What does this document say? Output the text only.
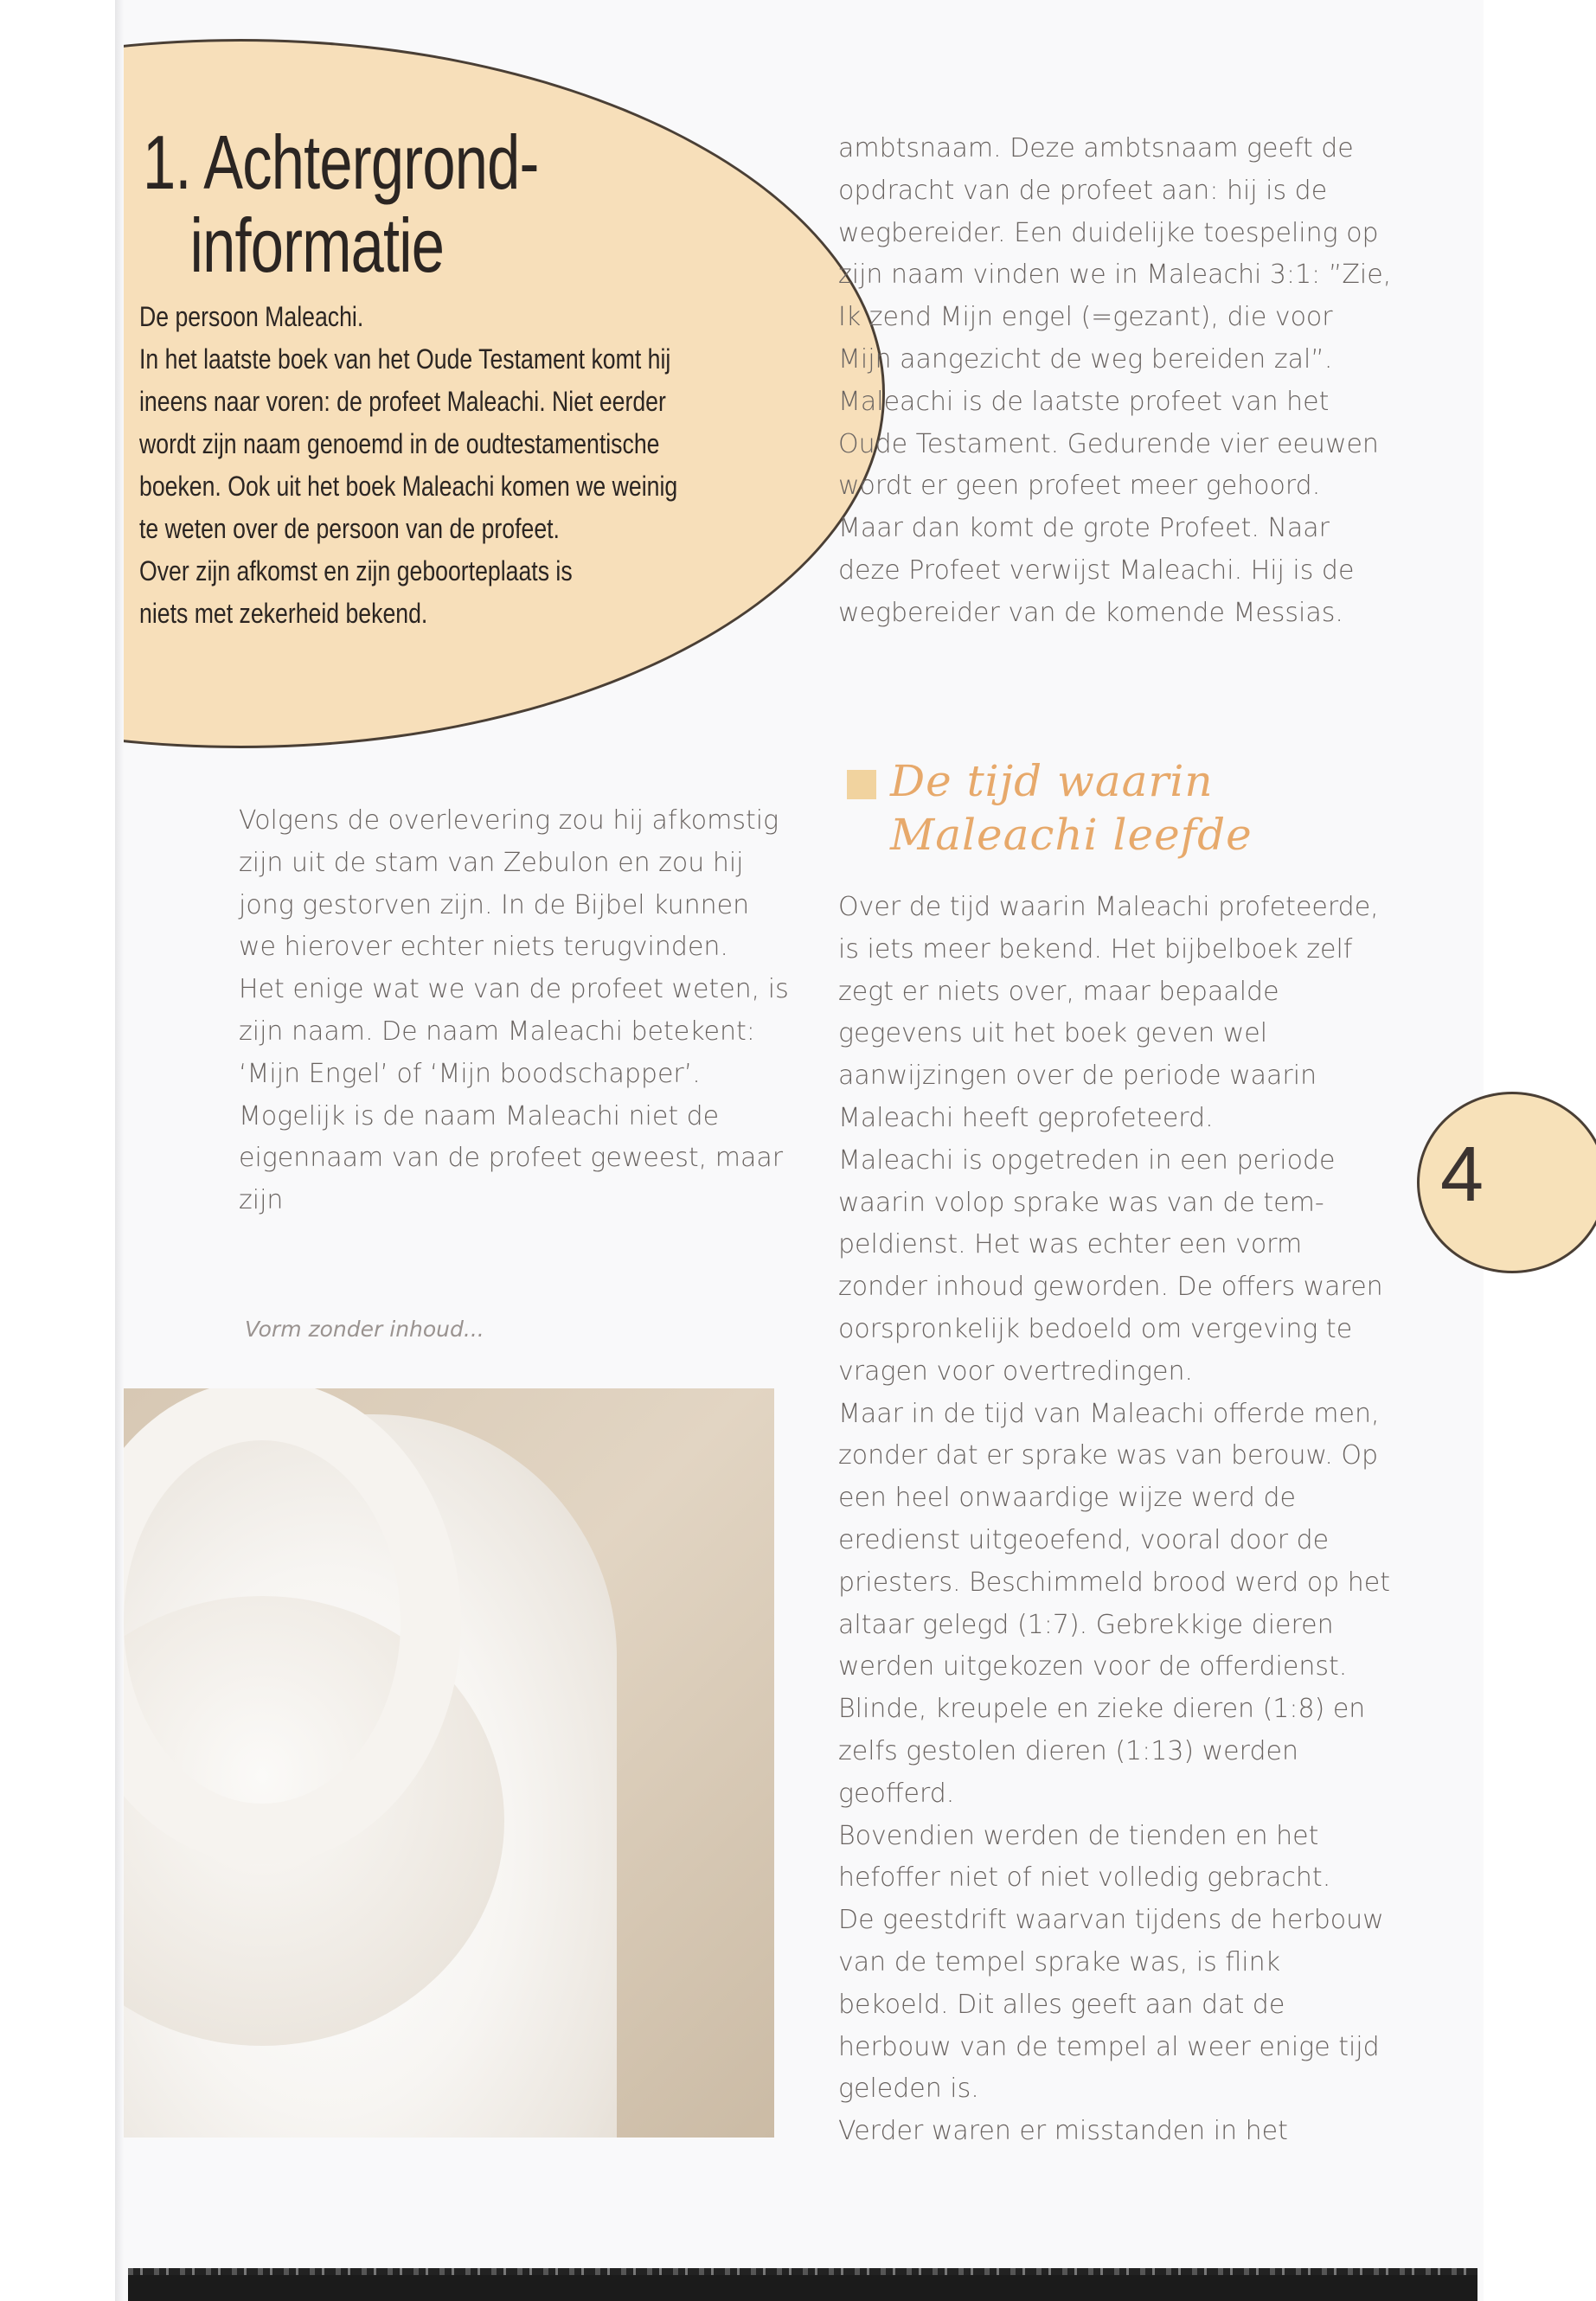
1. Achtergrond-
informatie

De persoon Maleachi.

In het laatste boek van het Oude Testament komt hij

ineens naar voren: de profeet Maleachi. Niet eerder

wordt zijn naam genoemd in de oudtestamentische

boeken. Ook uit het boek Maleachi komen we weinig

te weten over de persoon van de profeet.

Over zijn afkomst en zijn geboorteplaats is

niets met zekerheid bekend.

Volgens de overlevering zou hij afkomstig zijn uit de stam van Zebulon en zou hij jong gestorven zijn. In de Bijbel kunnen we hierover echter niets terugvinden.

Het enige wat we van de profeet weten, is zijn naam. De naam Maleachi betekent: ‘Mijn Engel’ of ‘Mijn boodschapper’. Mogelijk is de naam Maleachi niet de eigennaam van de profeet geweest, maar zijn

Vorm zonder inhoud...

ambtsnaam. Deze ambtsnaam geeft de opdracht van de profeet aan: hij is de wegbereider. Een duidelijke toespeling op zijn naam vinden we in Maleachi 3:1: ”Zie, Ik zend Mijn engel (=gezant), die voor Mijn aangezicht de weg bereiden zal”.

Maleachi is de laatste profeet van het Oude Testament. Gedurende vier eeuwen wordt er geen profeet meer gehoord. Maar dan komt de grote Profeet. Naar deze Profeet verwijst Maleachi. Hij is de wegbereider van de komende Messias.

De tijd waarin Maleachi leefde

Over de tijd waarin Maleachi profeteerde, is iets meer bekend. Het bijbelboek zelf zegt er niets over, maar bepaalde gegevens uit het boek geven wel aanwijzingen over de periode waarin Maleachi heeft geprofeteerd.

Maleachi is opgetreden in een periode waarin volop sprake was van de tempeldienst. Het was echter een vorm zonder inhoud geworden. De offers waren oorspronkelijk bedoeld om vergeving te vragen voor overtredingen.

Maar in de tijd van Maleachi offerde men, zonder dat er sprake was van berouw. Op een heel onwaardige wijze werd de eredienst uitgeoefend, vooral door de priesters. Beschimmeld brood werd op het altaar gelegd (1:7). Gebrekkige dieren werden uitgekozen voor de offerdienst. Blinde, kreupele en zieke dieren (1:8) en zelfs gestolen dieren (1:13) werden geofferd.

Bovendien werden de tienden en het hefoffer niet of niet volledig gebracht.

De geestdrift waarvan tijdens de herbouw van de tempel sprake was, is flink bekoeld. Dit alles geeft aan dat de herbouw van de tempel al weer enige tijd geleden is.

Verder waren er misstanden in het

4
